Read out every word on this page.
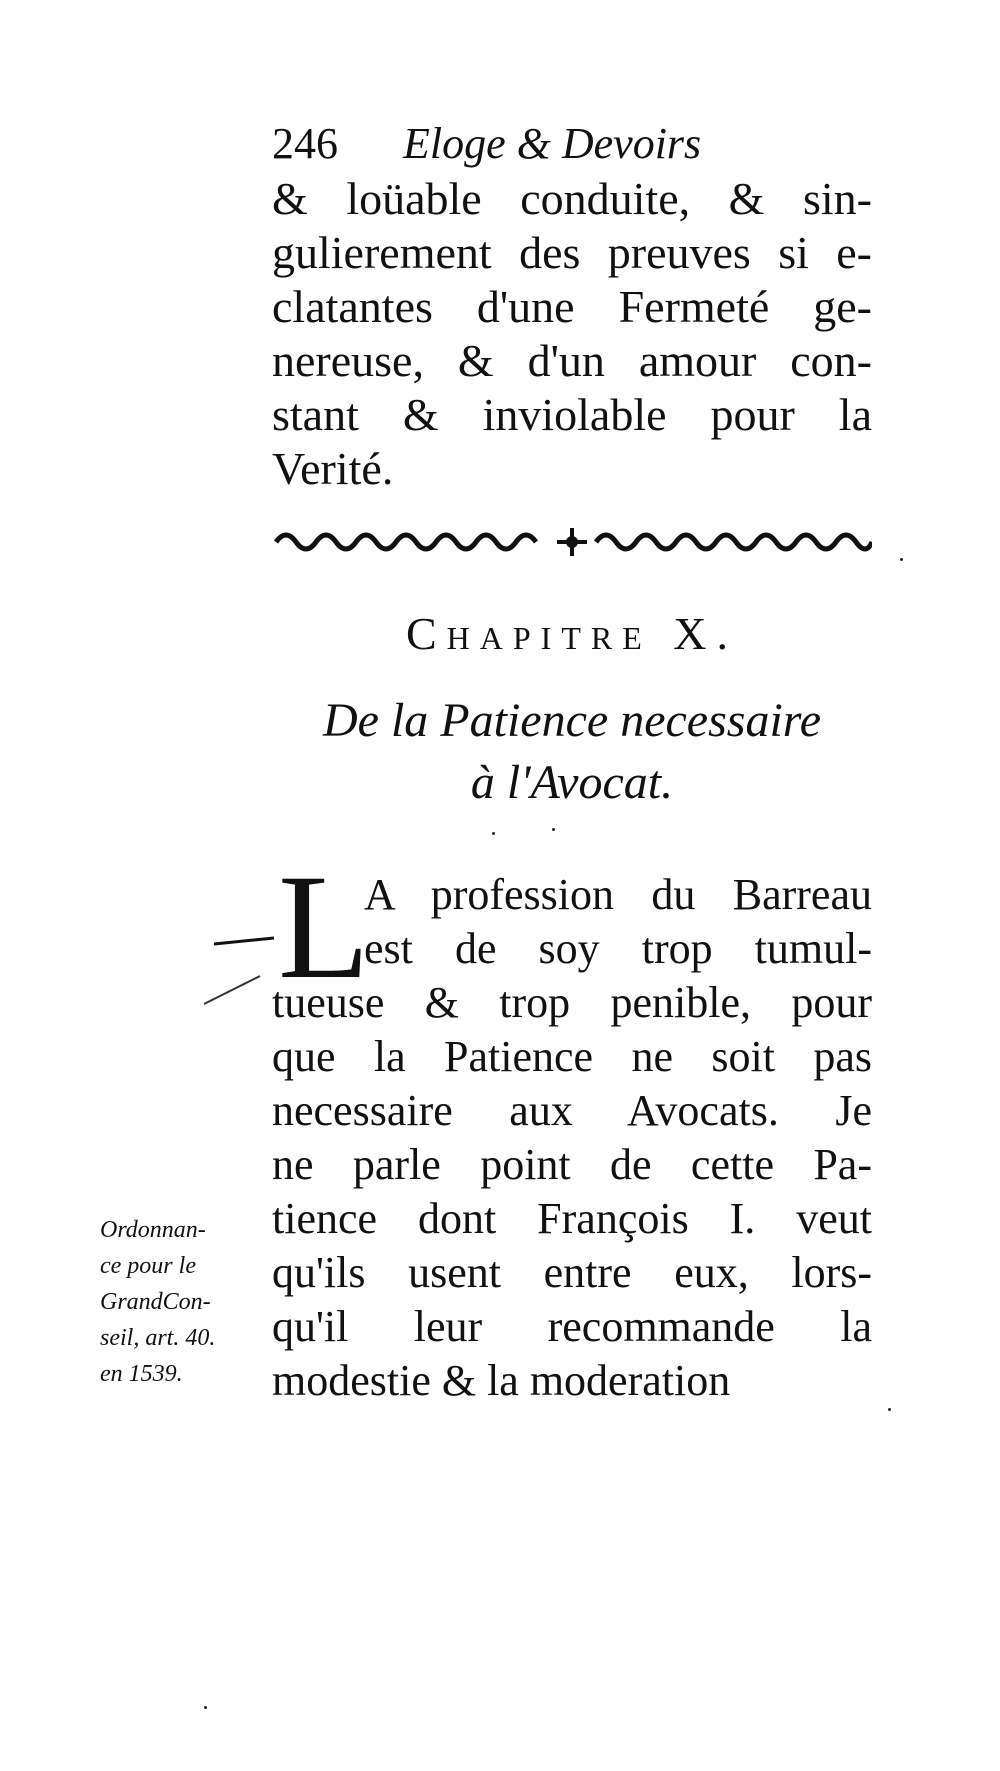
246 Eloge & Devoirs
& loüable conduite, & sin-
gulierement des preuves si e-
clatantes d'une Fermeté ge-
nereuse, & d'un amour con-
stant & inviolable pour la
Verité.
Chapitre X.
De la Patience necessaire
à l'Avocat.
L
A profession du Barreau
est de soy trop tumul-
tueuse & trop penible, pour
que la Patience ne soit pas
necessaire aux Avocats. Je
ne parle point de cette Pa-
tience dont François I. veut
qu'ils usent entre eux, lors-
qu'il leur recommande la
modestie & la moderation
Ordonnan-
ce pour le
GrandCon-
seil, art. 40.
en 1539.
